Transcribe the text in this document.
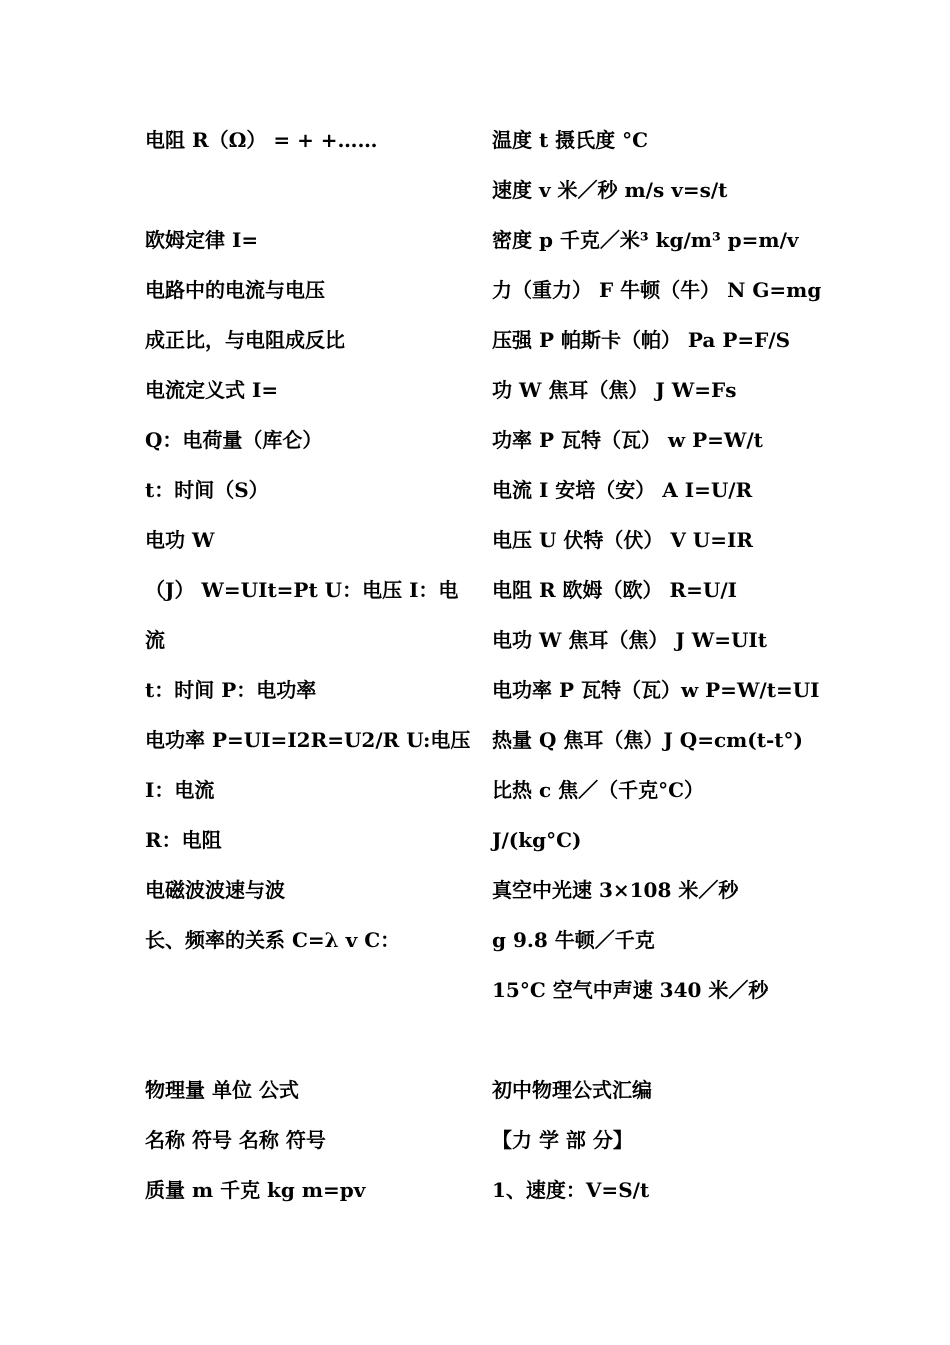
电阻 R（Ω） = + +……
欧姆定律 I=
电路中的电流与电压
成正比，与电阻成反比
电流定义式 I=
Q：电荷量（库仑）
t：时间（S）
电功 W
（J） W=UIt=Pt U：电压 I：电
流
t：时间 P：电功率
电功率 P=UI=I2R=U2/R U:电压
I：电流
R：电阻
电磁波波速与波
长、频率的关系 C=λ v C：
物理量 单位 公式
名称 符号 名称 符号
质量 m 千克 kg m=pv
温度 t 摄氏度 °C
速度 v 米／秒 m/s v=s/t
密度 p 千克／米³ kg/m³ p=m/v
力（重力） F 牛顿（牛） N G=mg
压强 P 帕斯卡（帕） Pa P=F/S
功 W 焦耳（焦） J W=Fs
功率 P 瓦特（瓦） w P=W/t
电流 I 安培（安） A I=U/R
电压 U 伏特（伏） V U=IR
电阻 R 欧姆（欧） R=U/I
电功 W 焦耳（焦） J W=UIt
电功率 P 瓦特（瓦）w P=W/t=UI
热量 Q 焦耳（焦）J Q=cm(t-t°)
比热 c 焦／（千克°C）
J/(kg°C)
真空中光速 3×108 米／秒
g 9.8 牛顿／千克
15°C 空气中声速 340 米／秒
初中物理公式汇编
【力 学 部 分】
1、速度：V=S/t
